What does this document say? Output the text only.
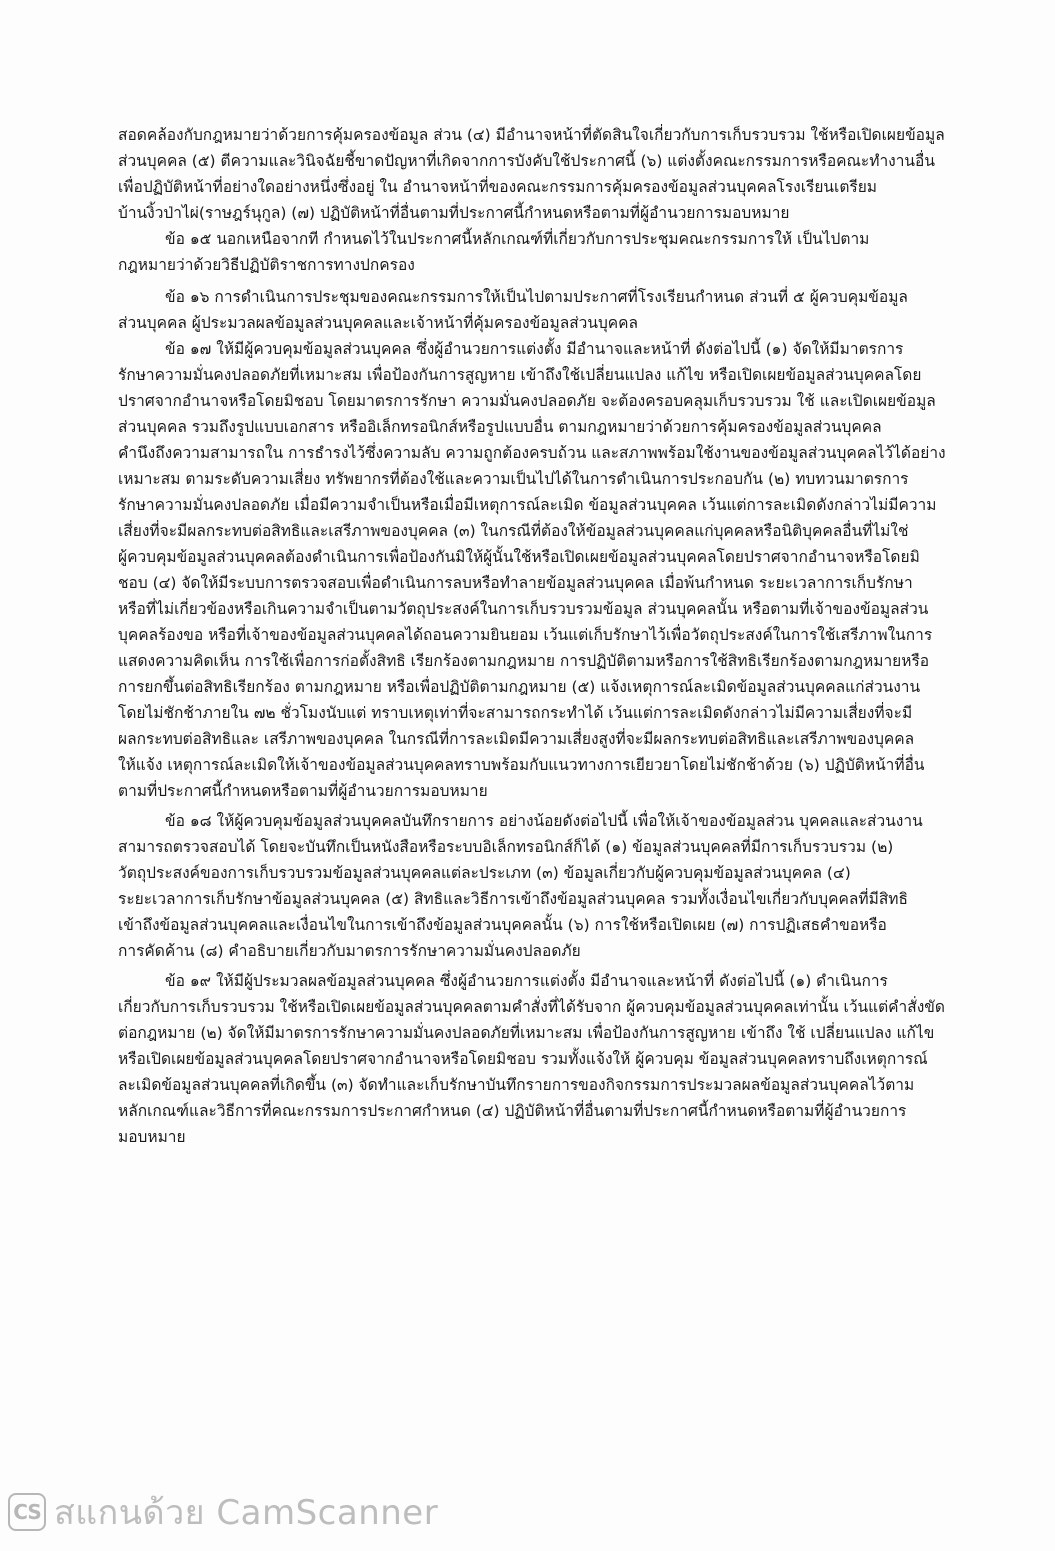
สอดคล้องกับกฎหมายว่าด้วยการคุ้มครองข้อมูล ส่วน (๔) มีอำนาจหน้าที่ตัดสินใจเกี่ยวกับการเก็บรวบรวม ใช้หรือเปิดเผยข้อมูล
ส่วนบุคคล (๕) ตีความและวินิจฉัยชี้ขาดปัญหาที่เกิดจากการบังคับใช้ประกาศนี้ (๖) แต่งตั้งคณะกรรมการหรือคณะทำงานอื่น
เพื่อปฏิบัติหน้าที่อย่างใดอย่างหนึ่งซึ่งอยู่ ใน อำนาจหน้าที่ของคณะกรรมการคุ้มครองข้อมูลส่วนบุคคลโรงเรียนเตรียม
บ้านงิ้วป่าไผ่(ราษฎร์นุกูล) (๗) ปฏิบัติหน้าที่อื่นตามที่ประกาศนี้กำหนดหรือตามที่ผู้อำนวยการมอบหมาย
ข้อ ๑๕ นอกเหนือจากที กำหนดไว้ในประกาศนี้หลักเกณฑ์ที่เกี่ยวกับการประชุมคณะกรรมการให้ เป็นไปตาม
กฎหมายว่าด้วยวิธีปฏิบัติราชการทางปกครอง
ข้อ ๑๖ การดำเนินการประชุมของคณะกรรมการให้เป็นไปตามประกาศที่โรงเรียนกำหนด ส่วนที่ ๕ ผู้ควบคุมข้อมูล
ส่วนบุคคล ผู้ประมวลผลข้อมูลส่วนบุคคลและเจ้าหน้าที่คุ้มครองข้อมูลส่วนบุคคล
ข้อ ๑๗ ให้มีผู้ควบคุมข้อมูลส่วนบุคคล ซึ่งผู้อำนวยการแต่งตั้ง มีอำนาจและหน้าที่ ดังต่อไปนี้ (๑) จัดให้มีมาตรการ
รักษาความมั่นคงปลอดภัยที่เหมาะสม เพื่อป้องกันการสูญหาย เข้าถึงใช้เปลี่ยนแปลง แก้ไข หรือเปิดเผยข้อมูลส่วนบุคคลโดย
ปราศจากอำนาจหรือโดยมิชอบ โดยมาตรการรักษา ความมั่นคงปลอดภัย จะต้องครอบคลุมเก็บรวบรวม ใช้ และเปิดเผยข้อมูล
ส่วนบุคคล รวมถึงรูปแบบเอกสาร หรืออิเล็กทรอนิกส์หรือรูปแบบอื่น ตามกฎหมายว่าด้วยการคุ้มครองข้อมูลส่วนบุคคล
คำนึงถึงความสามารถใน การธำรงไว้ซึ่งความลับ ความถูกต้องครบถ้วน และสภาพพร้อมใช้งานของข้อมูลส่วนบุคคลไว้ได้อย่าง
เหมาะสม ตามระดับความเสี่ยง ทรัพยากรที่ต้องใช้และความเป็นไปได้ในการดำเนินการประกอบกัน (๒) ทบทวนมาตรการ
รักษาความมั่นคงปลอดภัย เมื่อมีความจำเป็นหรือเมื่อมีเหตุการณ์ละเมิด ข้อมูลส่วนบุคคล เว้นแต่การละเมิดดังกล่าวไม่มีความ
เสี่ยงที่จะมีผลกระทบต่อสิทธิและเสรีภาพของบุคคล (๓) ในกรณีที่ต้องให้ข้อมูลส่วนบุคคลแก่บุคคลหรือนิติบุคคลอื่นที่ไม่ใช่
ผู้ควบคุมข้อมูลส่วนบุคคลต้องดำเนินการเพื่อป้องกันมิให้ผู้นั้นใช้หรือเปิดเผยข้อมูลส่วนบุคคลโดยปราศจากอำนาจหรือโดยมิ
ชอบ (๔) จัดให้มีระบบการตรวจสอบเพื่อดำเนินการลบหรือทำลายข้อมูลส่วนบุคคล เมื่อพ้นกำหนด ระยะเวลาการเก็บรักษา
หรือที่ไม่เกี่ยวข้องหรือเกินความจำเป็นตามวัตถุประสงค์ในการเก็บรวบรวมข้อมูล ส่วนบุคคลนั้น หรือตามที่เจ้าของข้อมูลส่วน
บุคคลร้องขอ หรือที่เจ้าของข้อมูลส่วนบุคคลได้ถอนความยินยอม เว้นแต่เก็บรักษาไว้เพื่อวัตถุประสงค์ในการใช้เสรีภาพในการ
แสดงความคิดเห็น การใช้เพื่อการก่อตั้งสิทธิ เรียกร้องตามกฎหมาย การปฏิบัติตามหรือการใช้สิทธิเรียกร้องตามกฎหมายหรือ
การยกขึ้นต่อสิทธิเรียกร้อง ตามกฎหมาย หรือเพื่อปฏิบัติตามกฎหมาย (๕) แจ้งเหตุการณ์ละเมิดข้อมูลส่วนบุคคลแก่ส่วนงาน
โดยไม่ชักช้าภายใน ๗๒ ชั่วโมงนับแต่ ทราบเหตุเท่าที่จะสามารถกระทำได้ เว้นแต่การละเมิดดังกล่าวไม่มีความเสี่ยงที่จะมี
ผลกระทบต่อสิทธิและ เสรีภาพของบุคคล ในกรณีที่การละเมิดมีความเสี่ยงสูงที่จะมีผลกระทบต่อสิทธิและเสรีภาพของบุคคล
ให้แจ้ง เหตุการณ์ละเมิดให้เจ้าของข้อมูลส่วนบุคคลทราบพร้อมกับแนวทางการเยียวยาโดยไม่ชักช้าด้วย (๖) ปฏิบัติหน้าที่อื่น
ตามที่ประกาศนี้กำหนดหรือตามที่ผู้อำนวยการมอบหมาย
ข้อ ๑๘ ให้ผู้ควบคุมข้อมูลส่วนบุคคลบันทึกรายการ อย่างน้อยดังต่อไปนี้ เพื่อให้เจ้าของข้อมูลส่วน บุคคลและส่วนงาน
สามารถตรวจสอบได้ โดยจะบันทึกเป็นหนังสือหรือระบบอิเล็กทรอนิกส์ก็ได้ (๑) ข้อมูลส่วนบุคคลที่มีการเก็บรวบรวม (๒)
วัตถุประสงค์ของการเก็บรวบรวมข้อมูลส่วนบุคคลแต่ละประเภท (๓) ข้อมูลเกี่ยวกับผู้ควบคุมข้อมูลส่วนบุคคล (๔)
ระยะเวลาการเก็บรักษาข้อมูลส่วนบุคคล (๕) สิทธิและวิธีการเข้าถึงข้อมูลส่วนบุคคล รวมทั้งเงื่อนไขเกี่ยวกับบุคคลที่มีสิทธิ
เข้าถึงข้อมูลส่วนบุคคลและเงื่อนไขในการเข้าถึงข้อมูลส่วนบุคคลนั้น (๖) การใช้หรือเปิดเผย (๗) การปฏิเสธคำขอหรือ
การคัดค้าน (๘) คำอธิบายเกี่ยวกับมาตรการรักษาความมั่นคงปลอดภัย
ข้อ ๑๙ ให้มีผู้ประมวลผลข้อมูลส่วนบุคคล ซึ่งผู้อำนวยการแต่งตั้ง มีอำนาจและหน้าที่ ดังต่อไปนี้ (๑) ดำเนินการ
เกี่ยวกับการเก็บรวบรวม ใช้หรือเปิดเผยข้อมูลส่วนบุคคลตามคำสั่งที่ได้รับจาก ผู้ควบคุมข้อมูลส่วนบุคคลเท่านั้น เว้นแต่คำสั่งขัด
ต่อกฎหมาย (๒) จัดให้มีมาตรการรักษาความมั่นคงปลอดภัยที่เหมาะสม เพื่อป้องกันการสูญหาย เข้าถึง ใช้ เปลี่ยนแปลง แก้ไข
หรือเปิดเผยข้อมูลส่วนบุคคลโดยปราศจากอำนาจหรือโดยมิชอบ รวมทั้งแจ้งให้ ผู้ควบคุม ข้อมูลส่วนบุคคลทราบถึงเหตุการณ์
ละเมิดข้อมูลส่วนบุคคลที่เกิดขึ้น (๓) จัดทำและเก็บรักษาบันทึกรายการของกิจกรรมการประมวลผลข้อมูลส่วนบุคคลไว้ตาม
หลักเกณฑ์และวิธีการที่คณะกรรมการประกาศกำหนด (๔) ปฏิบัติหน้าที่อื่นตามที่ประกาศนี้กำหนดหรือตามที่ผู้อำนวยการ
มอบหมาย
CS สแกนด้วย CamScanner
